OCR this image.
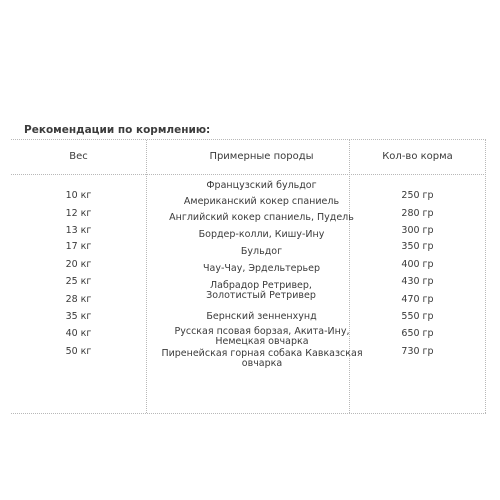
Рекомендации по кормлению:
Вес	Примерные породы	Кол-во корма
Французский бульдог
Американский кокер спаниель
Английский кокер спаниель, Пудель
Бордер-колли, Кишу-Ину
Бульдог
Чау-Чау, Эрдельтерьер
Лабрадор Ретривер, Золотистый Ретривер
Бернский зенненхунд
Русская псовая борзая, Акита-Ину, Немецкая овчарка
Пиренейская горная собака Кавказская овчарка
10 кг
12 кг
13 кг
17 кг
20 кг
25 кг
28 кг
35 кг
40 кг
50 кг
250 гр
280 гр
300 гр
350 гр
400 гр
430 гр
470 гр
550 гр
650 гр
730 гр
